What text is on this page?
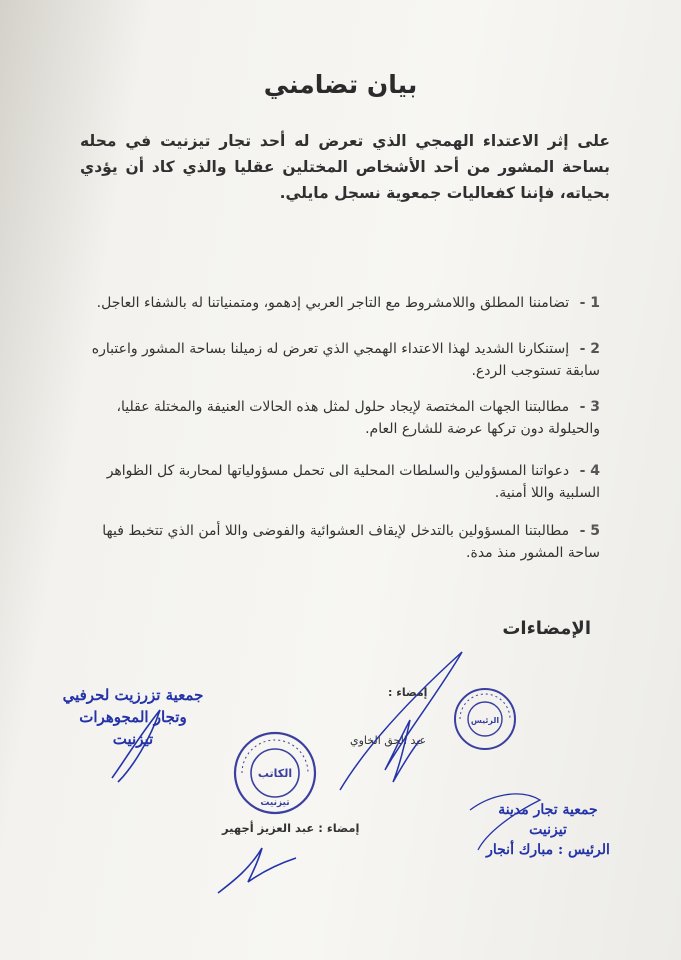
بيان تضامني
على إثر الاعتداء الهمجي الذي تعرض له أحد تجار تيزنيت في محله بساحة المشور من أحد الأشخاص المختلين عقليا والذي كاد أن يؤدي بحياته، فإننا كفعاليات جمعوية نسجل مايلي.
1 - تضامننا المطلق واللامشروط مع التاجر العربي إدهمو، ومتمنياتنا له بالشفاء العاجل.
2 - إستنكارنا الشديد لهذا الاعتداء الهمجي الذي تعرض له زميلنا بساحة المشور واعتباره سابقة تستوجب الردع.
3 - مطالبتنا الجهات المختصة لإيجاد حلول لمثل هذه الحالات العنيفة والمختلة عقليا، والحيلولة دون تركها عرضة للشارع العام.
4 - دعواتنا المسؤولين والسلطات المحلية الى تحمل مسؤولياتها لمحاربة كل الظواهر السلبية واللا أمنية.
5 - مطالبتنا المسؤولين بالتدخل لإيقاف العشوائية والفوضى واللا أمن الذي تتخبط فيها ساحة المشور منذ مدة.
الإمضاءات
جمعية تزرزيت لحرفيي وتجار المجوهرات تيزنيت
إمضاء :
عبد الحق الخاوي
إمضاء : عبد العزيز أجهير
جمعية تجار مدينة تيزنيت
الرئيس : مبارك أنجار
الكاتب
تيزنيت
الرئيس
